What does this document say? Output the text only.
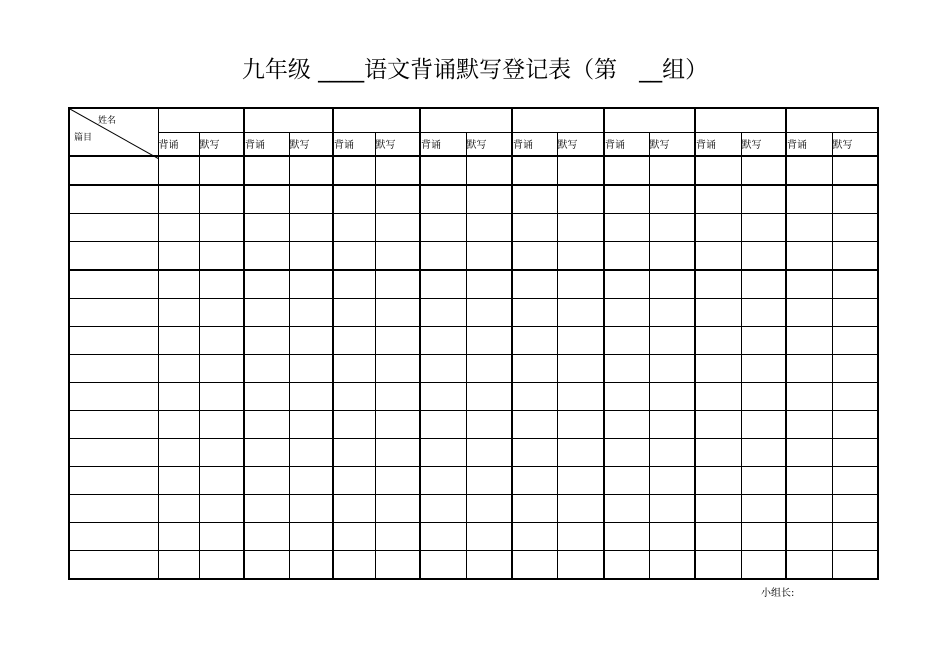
九年级 ____语文背诵默写登记表（第   __组）
姓名
篇目																

	背诵	默写	背诵	默写	背诵	默写	背诵	默写	背诵	默写	背诵	默写	背诵	默写	背诵	默写

小组长:
